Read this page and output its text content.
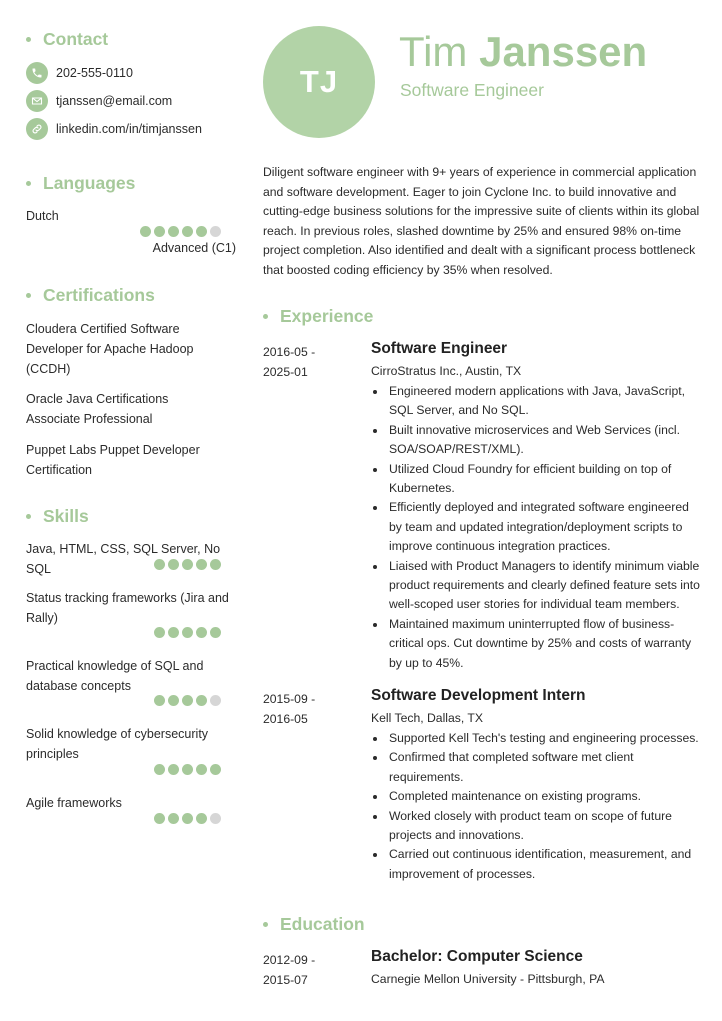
Contact
202-555-0110
tjanssen@email.com
linkedin.com/in/timjanssen
Languages
Dutch
Advanced (C1)
Certifications
Cloudera Certified Software Developer for Apache Hadoop (CCDH)
Oracle Java Certifications Associate Professional
Puppet Labs Puppet Developer Certification
Skills
Java, HTML, CSS, SQL Server, No SQL
Status tracking frameworks (Jira and Rally)
Practical knowledge of SQL and database concepts
Solid knowledge of cybersecurity principles
Agile frameworks
TJ
Tim Janssen
Software Engineer

Diligent software engineer with 9+ years of experience in commercial application and software development. Eager to join Cyclone Inc. to build innovative and cutting-edge business solutions for the impressive suite of clients within its global reach. In previous roles, slashed downtime by 25% and ensured 98% on-time project completion. Also identified and dealt with a significant process bottleneck that boosted coding efficiency by 35% when resolved.

Experience
2016-05 -
2025-01
Software Engineer
CirroStratus Inc., Austin, TX
Engineered modern applications with Java, JavaScript, SQL Server, and No SQL.
Built innovative microservices and Web Services (incl. SOA/SOAP/REST/XML).
Utilized Cloud Foundry for efficient building on top of Kubernetes.
Efficiently deployed and integrated software engineered by team and updated integration/deployment scripts to improve continuous integration practices.
Liaised with Product Managers to identify minimum viable product requirements and clearly defined feature sets into well-scoped user stories for individual team members.
Maintained maximum uninterrupted flow of business-critical ops. Cut downtime by 25% and costs of warranty by up to 45%.
2015-09 -
2016-05
Software Development Intern
Kell Tech, Dallas, TX
Supported Kell Tech's testing and engineering processes.
Confirmed that completed software met client requirements.
Completed maintenance on existing programs.
Worked closely with product team on scope of future projects and innovations.
Carried out continuous identification, measurement, and improvement of processes.
Education
2012-09 -
2015-07
Bachelor: Computer Science
Carnegie Mellon University - Pittsburgh, PA
